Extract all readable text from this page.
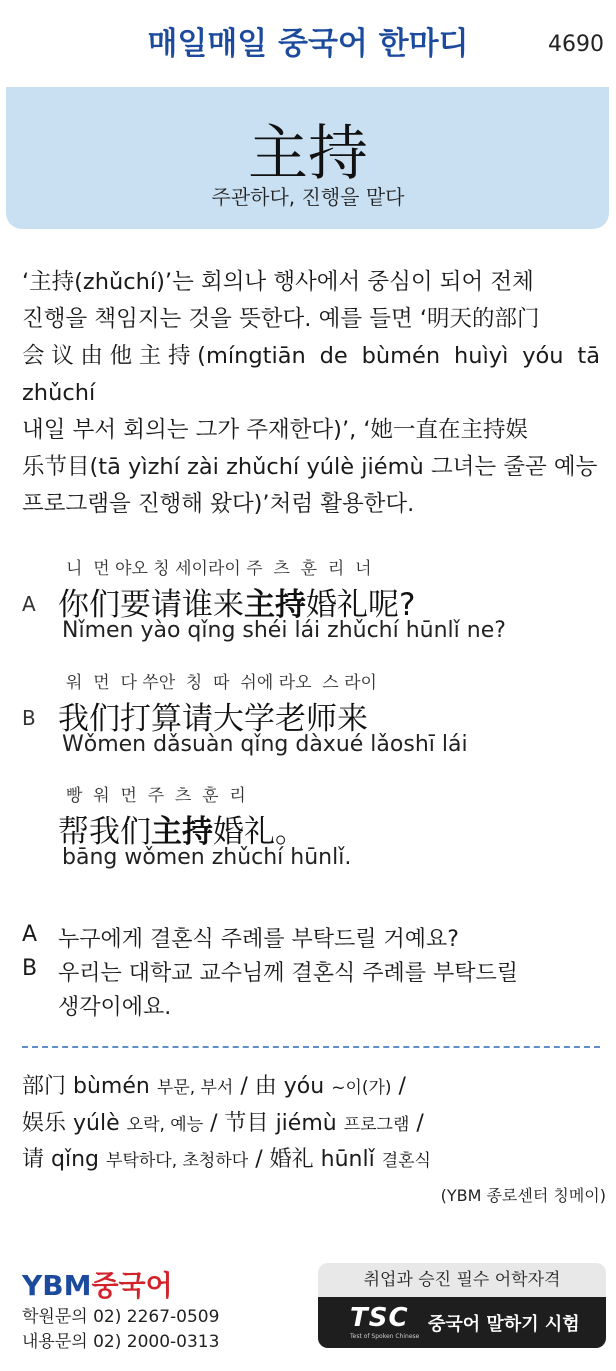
매일매일 중국어 한마디	4690
主持
주관하다, 진행을 맡다
‘主持(zhǔchí)’는 회의나 행사에서 중심이 되어 전체
진행을 책임지는 것을 뜻한다. 예를 들면 ‘明天的部门
会议由他主持(míngtiān de bùmén huìyì yóu tā zhǔchí
내일 부서 회의는 그가 주재한다)’, ‘她一直在主持娱
乐节目(tā yìzhí zài zhǔchí yúlè jiémù 그녀는 줄곧 예능
프로그램을 진행해 왔다)’처럼 활용한다.
니  먼 야오 칭 세이라이 주  츠  훈  리  너
A 你们要请谁来主持婚礼呢?
Nǐmen yào qǐng shéi lái zhǔchí hūnlǐ ne?
워  먼  다 쑤안  칭  따  쉬에 라오  스 라이
B 我们打算请大学老师来
Wǒmen dǎsuàn qǐng dàxué lǎoshī lái
빵  워  먼  주  츠  훈  리
帮我们主持婚礼。
bāng wǒmen zhǔchí hūnlǐ.
A 누구에게 결혼식 주례를 부탁드릴 거예요?
B 우리는 대학교 교수님께 결혼식 주례를 부탁드릴
생각이에요.
部门 bùmén 부문, 부서 / 由 yóu ~이(가) /
娱乐 yúlè 오락, 예능 / 节目 jiémù 프로그램 /
请 qǐng 부탁하다, 초청하다 / 婚礼 hūnlǐ 결혼식
(YBM 종로센터 칭메이)
YBM중국어
학원문의 02) 2267-0509
내용문의 02) 2000-0313
취업과 승진 필수 어학자격
TSC
Test of Spoken Chinese
중국어 말하기 시험
